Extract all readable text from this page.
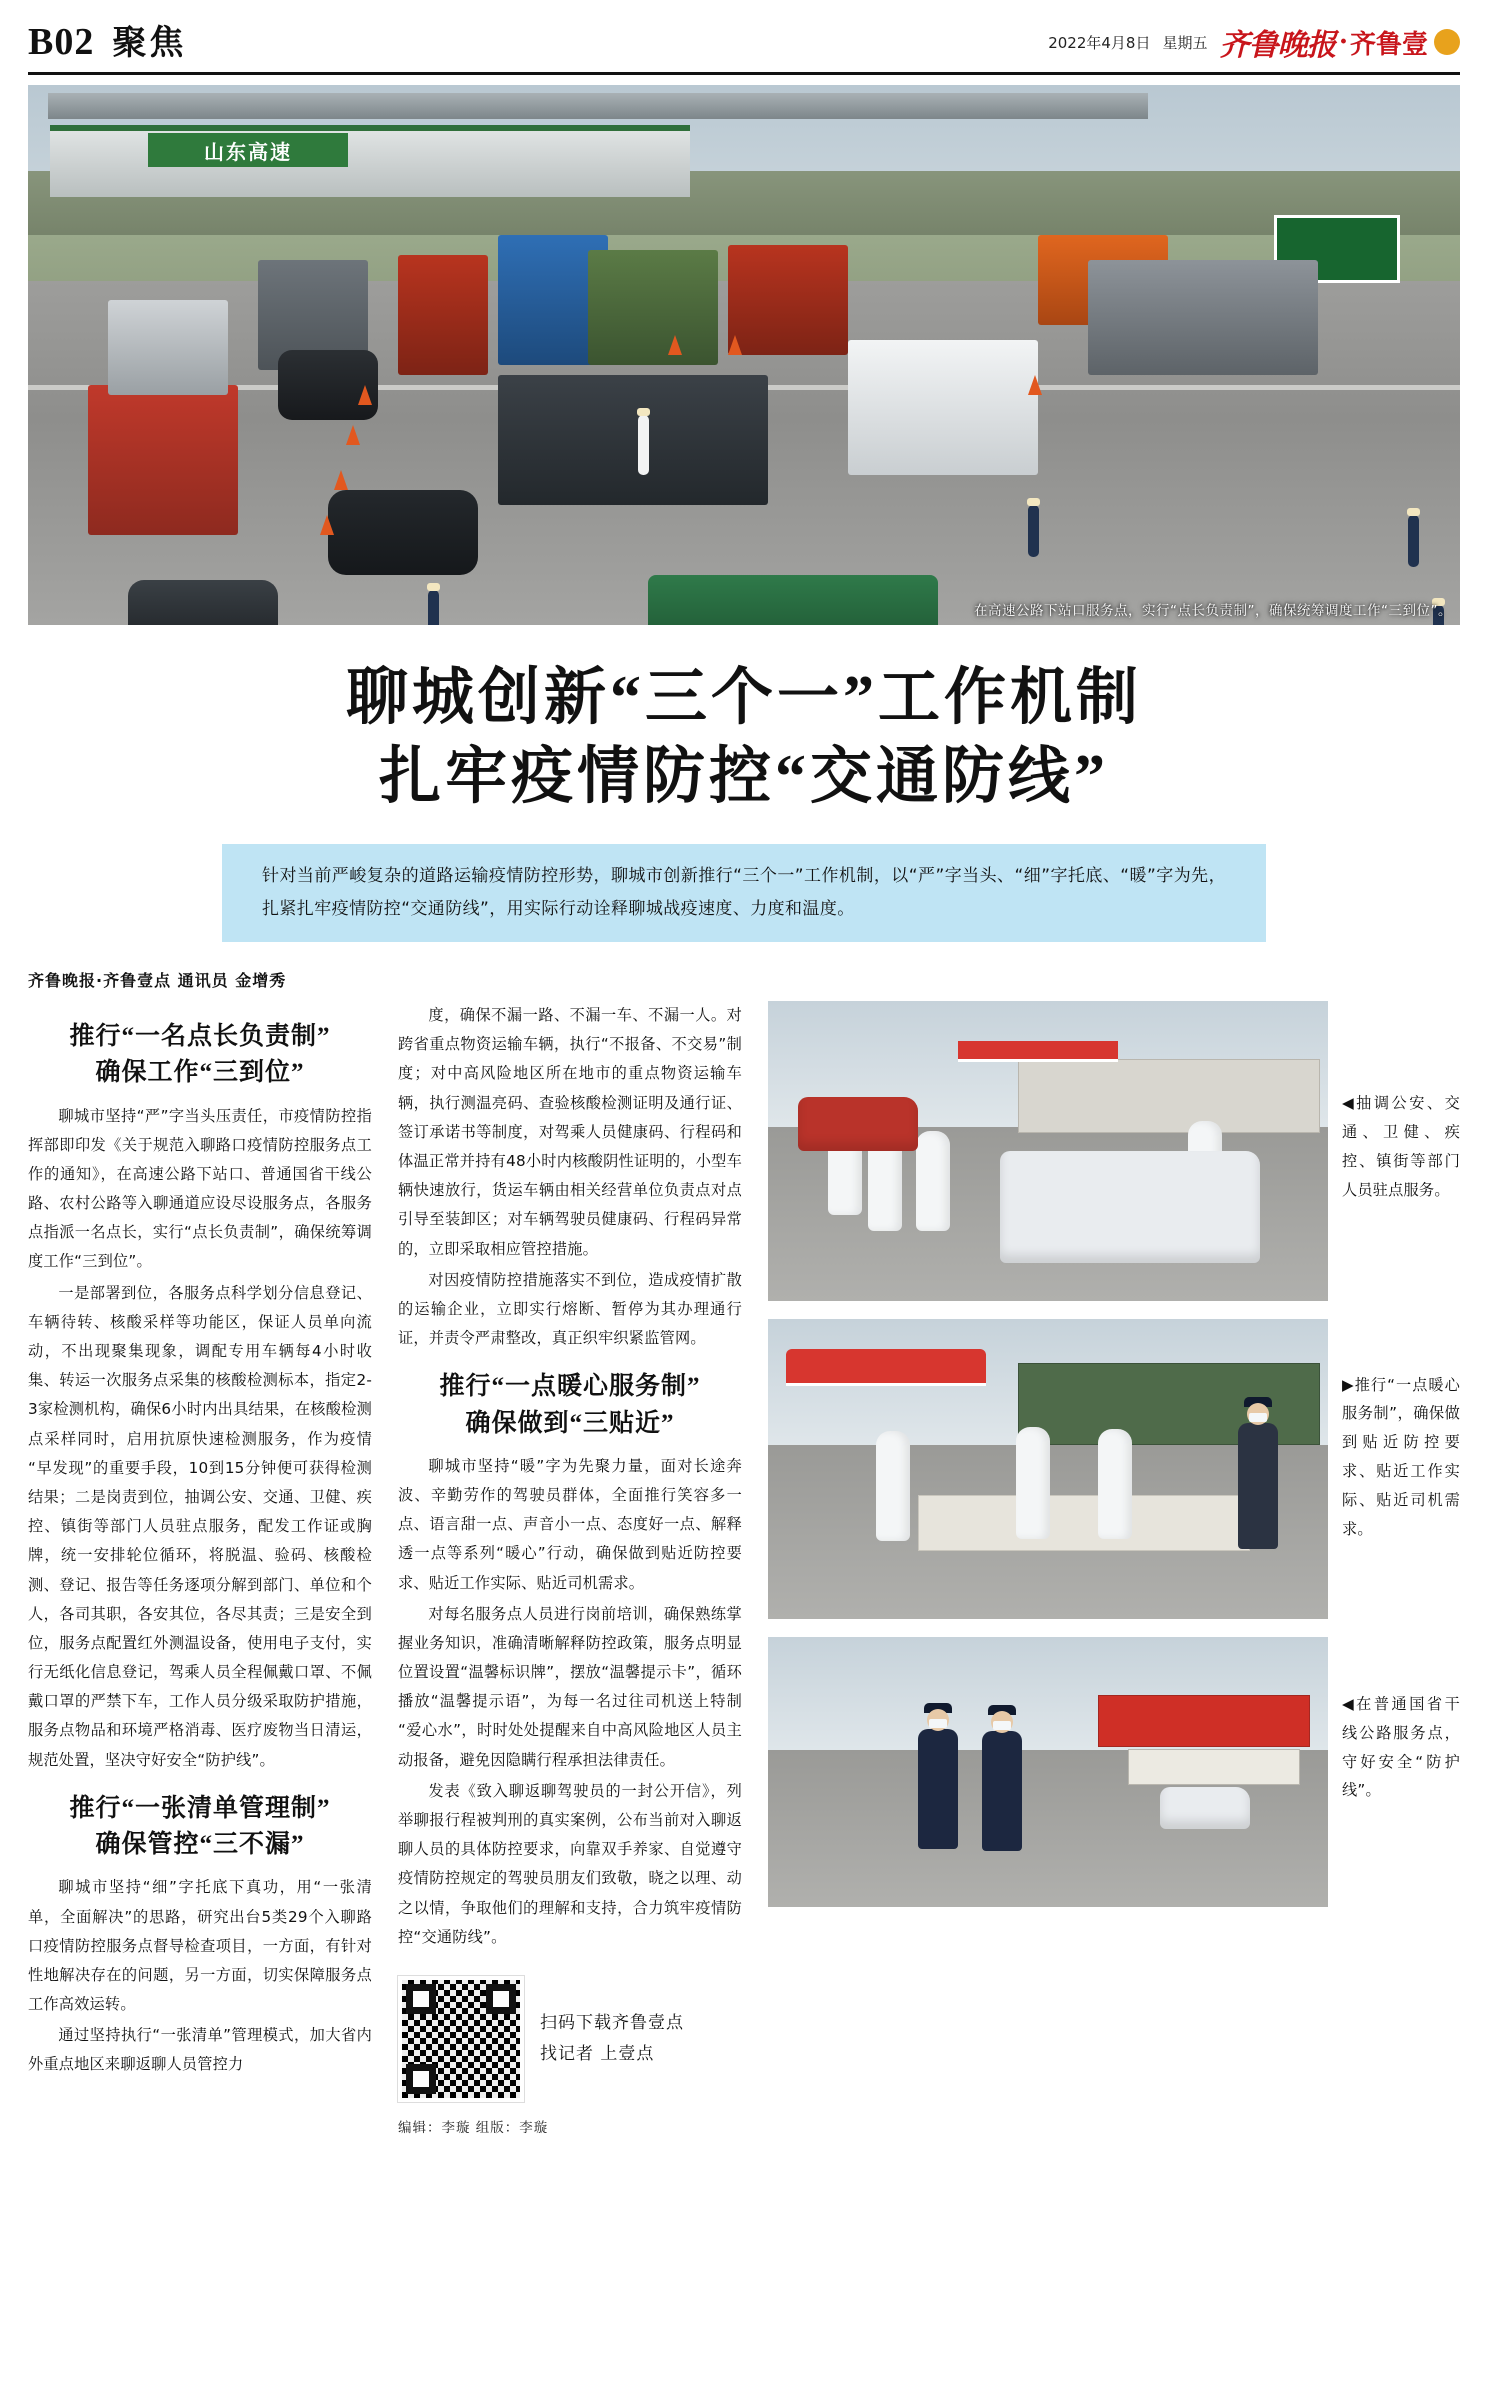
B02 聚焦	2022年4月8日 星期五 齐鲁晚报 · 齐鲁壹
山东高速
在高速公路下站口服务点，实行“点长负责制”，确保统筹调度工作“三到位”。
聊城创新“三个一”工作机制
扎牢疫情防控“交通防线”
针对当前严峻复杂的道路运输疫情防控形势，聊城市创新推行“三个一”工作机制，以“严”字当头、“细”字托底、“暖”字为先，扎紧扎牢疫情防控“交通防线”，用实际行动诠释聊城战疫速度、力度和温度。
齐鲁晚报·齐鲁壹点 通讯员 金增秀
推行“一名点长负责制”
确保工作“三到位”

聊城市坚持“严”字当头压责任，市疫情防控指挥部即印发《关于规范入聊路口疫情防控服务点工作的通知》，在高速公路下站口、普通国省干线公路、农村公路等入聊通道应设尽设服务点，各服务点指派一名点长，实行“点长负责制”，确保统筹调度工作“三到位”。

一是部署到位，各服务点科学划分信息登记、车辆待转、核酸采样等功能区，保证人员单向流动，不出现聚集现象，调配专用车辆每4小时收集、转运一次服务点采集的核酸检测标本，指定2-3家检测机构，确保6小时内出具结果，在核酸检测点采样同时，启用抗原快速检测服务，作为疫情“早发现”的重要手段，10到15分钟便可获得检测结果；二是岗责到位，抽调公安、交通、卫健、疾控、镇街等部门人员驻点服务，配发工作证或胸牌，统一安排轮位循环，将脱温、验码、核酸检测、登记、报告等任务逐项分解到部门、单位和个人，各司其职，各安其位，各尽其责；三是安全到位，服务点配置红外测温设备，使用电子支付，实行无纸化信息登记，驾乘人员全程佩戴口罩、不佩戴口罩的严禁下车，工作人员分级采取防护措施，服务点物品和环境严格消毒、医疗废物当日清运，规范处置，坚决守好安全“防护线”。

推行“一张清单管理制”
确保管控“三不漏”

聊城市坚持“细”字托底下真功，用“一张清单，全面解决”的思路，研究出台5类29个入聊路口疫情防控服务点督导检查项目，一方面，有针对性地解决存在的问题，另一方面，切实保障服务点工作高效运转。

通过坚持执行“一张清单”管理模式，加大省内外重点地区来聊返聊人员管控力

度，确保不漏一路、不漏一车、不漏一人。对跨省重点物资运输车辆，执行“不报备、不交易”制度；对中高风险地区所在地市的重点物资运输车辆，执行测温亮码、查验核酸检测证明及通行证、签订承诺书等制度，对驾乘人员健康码、行程码和体温正常并持有48小时内核酸阴性证明的，小型车辆快速放行，货运车辆由相关经营单位负责点对点引导至装卸区；对车辆驾驶员健康码、行程码异常的，立即采取相应管控措施。

对因疫情防控措施落实不到位，造成疫情扩散的运输企业，立即实行熔断、暂停为其办理通行证，并责令严肃整改，真正织牢织紧监管网。

推行“一点暖心服务制”
确保做到“三贴近”

聊城市坚持“暖”字为先聚力量，面对长途奔波、辛勤劳作的驾驶员群体，全面推行笑容多一点、语言甜一点、声音小一点、态度好一点、解释透一点等系列“暖心”行动，确保做到贴近防控要求、贴近工作实际、贴近司机需求。

对每名服务点人员进行岗前培训，确保熟练掌握业务知识，准确清晰解释防控政策，服务点明显位置设置“温馨标识牌”，摆放“温馨提示卡”，循环播放“温馨提示语”，为每一名过往司机送上特制“爱心水”，时时处处提醒来自中高风险地区人员主动报备，避免因隐瞒行程承担法律责任。

发表《致入聊返聊驾驶员的一封公开信》，列举聊报行程被判刑的真实案例，公布当前对入聊返聊人员的具体防控要求，向靠双手养家、自觉遵守疫情防控规定的驾驶员朋友们致敬，晓之以理、动之以情，争取他们的理解和支持，合力筑牢疫情防控“交通防线”。

扫码下载齐鲁壹点
找记者 上壹点
编辑：李璇 组版：李璇
◀抽调公安、交通、卫健、疾控、镇街等部门人员驻点服务。
▶推行“一点暖心服务制”，确保做到贴近防控要求、贴近工作实际、贴近司机需求。
◀在普通国省干线公路服务点，守好安全“防护线”。
